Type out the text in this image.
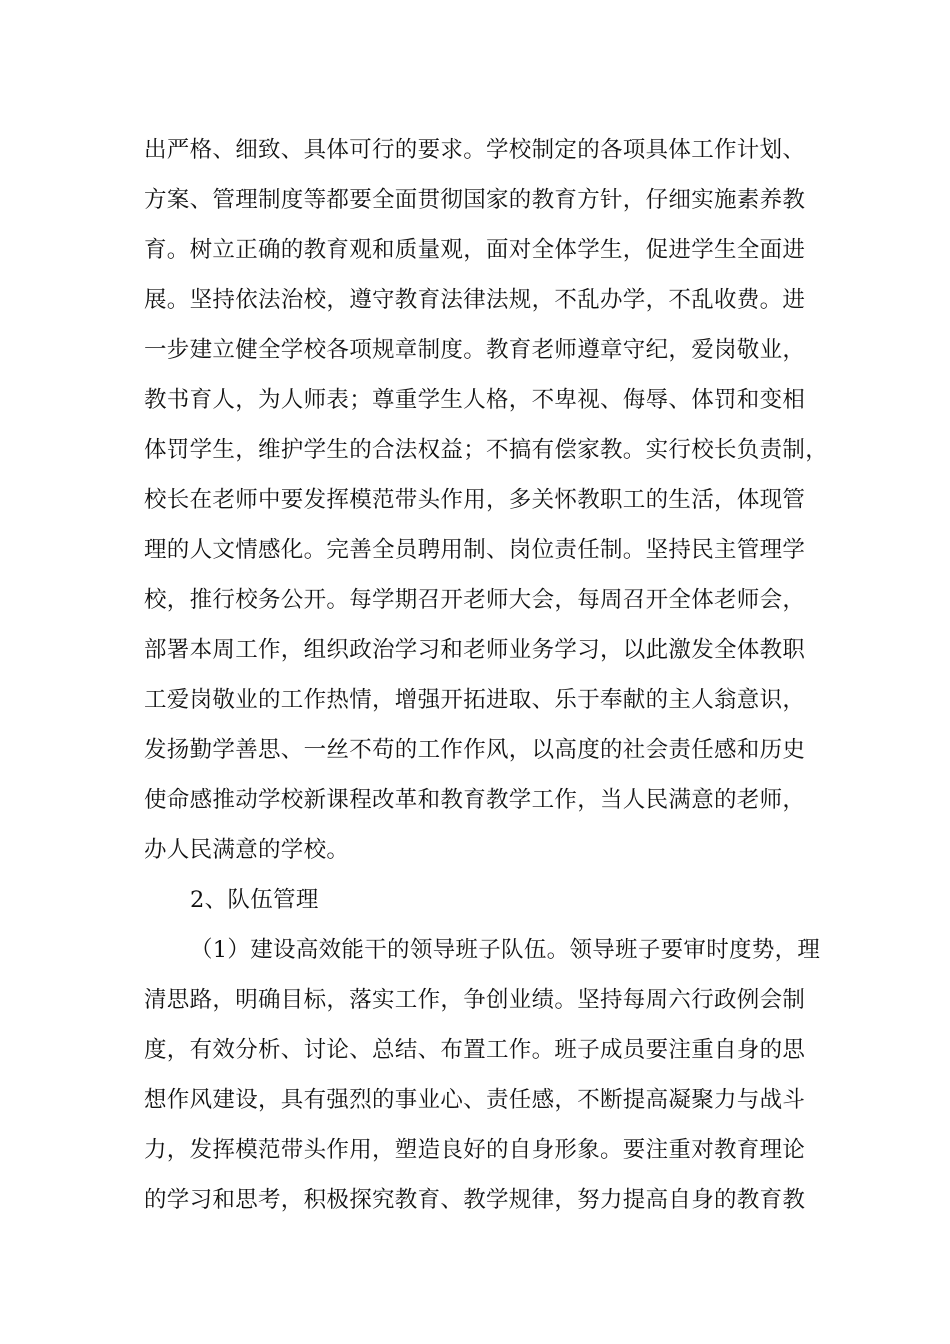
出严格、细致、具体可行的要求。学校制定的各项具体工作计划、
方案、管理制度等都要全面贯彻国家的教育方针，仔细实施素养教
育。树立正确的教育观和质量观，面对全体学生，促进学生全面进
展。坚持依法治校，遵守教育法律法规，不乱办学，不乱收费。进
一步建立健全学校各项规章制度。教育老师遵章守纪，爱岗敬业，
教书育人，为人师表；尊重学生人格，不卑视、侮辱、体罚和变相
体罚学生，维护学生的合法权益；不搞有偿家教。实行校长负责制，
校长在老师中要发挥模范带头作用，多关怀教职工的生活，体现管
理的人文情感化。完善全员聘用制、岗位责任制。坚持民主管理学
校，推行校务公开。每学期召开老师大会，每周召开全体老师会，
部署本周工作，组织政治学习和老师业务学习，以此激发全体教职
工爱岗敬业的工作热情，增强开拓进取、乐于奉献的主人翁意识，
发扬勤学善思、一丝不苟的工作作风，以高度的社会责任感和历史
使命感推动学校新课程改革和教育教学工作，当人民满意的老师，
办人民满意的学校。
2、队伍管理
（1）建设高效能干的领导班子队伍。领导班子要审时度势，理
清思路，明确目标，落实工作，争创业绩。坚持每周六行政例会制
度，有效分析、讨论、总结、布置工作。班子成员要注重自身的思
想作风建设，具有强烈的事业心、责任感，不断提高凝聚力与战斗
力，发挥模范带头作用，塑造良好的自身形象。要注重对教育理论
的学习和思考，积极探究教育、教学规律，努力提高自身的教育教
